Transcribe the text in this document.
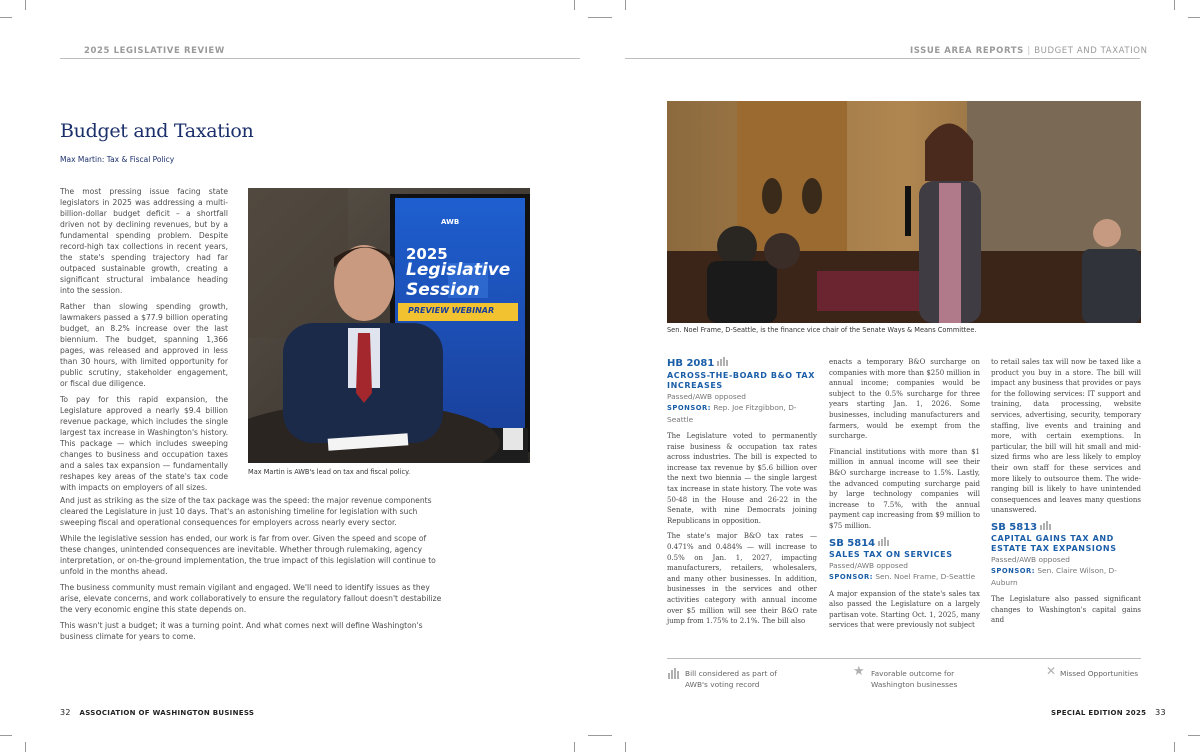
2025 LEGISLATIVE REVIEW	ISSUE AREA REPORTS | BUDGET AND TAXATION
Budget and Taxation
Max Martin: Tax & Fiscal Policy

The most pressing issue facing state legislators in 2025 was addressing a multi-billion-dollar budget deficit – a shortfall driven not by declining revenues, but by a fundamental spending problem. Despite record-high tax collections in recent years, the state's spending trajectory had far outpaced sustainable growth, creating a significant structural imbalance heading into the session.

Rather than slowing spending growth, lawmakers passed a $77.9 billion operating budget, an 8.2% increase over the last biennium. The budget, spanning 1,366 pages, was released and approved in less than 30 hours, with limited opportunity for public scrutiny, stakeholder engagement, or fiscal due diligence.

To pay for this rapid expansion, the Legislature approved a nearly $9.4 billion revenue package, which includes the single largest tax increase in Washington's history. This package — which includes sweeping changes to business and occupation taxes and a sales tax expansion — fundamentally reshapes key areas of the state's tax code with impacts on employers of all sizes.

AWB
2025
Legislative
Session
PREVIEW WEBINAR
Max Martin is AWB's lead on tax and fiscal policy.

And just as striking as the size of the tax package was the speed: the major revenue components cleared the Legislature in just 10 days. That's an astonishing timeline for legislation with such sweeping fiscal and operational consequences for employers across nearly every sector.

While the legislative session has ended, our work is far from over. Given the speed and scope of these changes, unintended consequences are inevitable. Whether through rulemaking, agency interpretation, or on-the-ground implementation, the true impact of this legislation will continue to unfold in the months ahead.

The business community must remain vigilant and engaged. We'll need to identify issues as they arise, elevate concerns, and work collaboratively to ensure the regulatory fallout doesn't destabilize the very economic engine this state depends on.

This wasn't just a budget; it was a turning point. And what comes next will define Washington's business climate for years to come.

Sen. Noel Frame, D-Seattle, is the finance vice chair of the Senate Ways & Means Committee.
HB 2081
ACROSS-THE-BOARD B&O TAX INCREASES
Passed/AWB opposed
SPONSOR: Rep. Joe Fitzgibbon, D-Seattle

The Legislature voted to permanently raise business & occupation tax rates across industries. The bill is expected to increase tax revenue by $5.6 billion over the next two biennia — the single largest tax increase in state history. The vote was 50-48 in the House and 26-22 in the Senate, with nine Democrats joining Republicans in opposition.

The state's major B&O tax rates — 0.471% and 0.484% — will increase to 0.5% on Jan. 1, 2027, impacting manufacturers, retailers, wholesalers, and many other businesses. In addition, businesses in the services and other activities category with annual income over $5 million will see their B&O rate jump from 1.75% to 2.1%. The bill also

enacts a temporary B&O surcharge on companies with more than $250 million in annual income; companies would be subject to the 0.5% surcharge for three years starting Jan. 1, 2026. Some businesses, including manufacturers and farmers, would be exempt from the surcharge.

Financial institutions with more than $1 million in annual income will see their B&O surcharge increase to 1.5%. Lastly, the advanced computing surcharge paid by large technology companies will increase to 7.5%, with the annual payment cap increasing from $9 million to $75 million.

SB 5814
SALES TAX ON SERVICES
Passed/AWB opposed
SPONSOR: Sen. Noel Frame, D-Seattle

A major expansion of the state's sales tax also passed the Legislature on a largely partisan vote. Starting Oct. 1, 2025, many services that were previously not subject

to retail sales tax will now be taxed like a product you buy in a store. The bill will impact any business that provides or pays for the following services: IT support and training, data processing, website services, advertising, security, temporary staffing, live events and training and more, with certain exemptions. In particular, the bill will hit small and mid-sized firms who are less likely to employ their own staff for these services and more likely to outsource them. The wide-ranging bill is likely to have unintended consequences and leaves many questions unanswered.

SB 5813
CAPITAL GAINS TAX AND ESTATE TAX EXPANSIONS
Passed/AWB opposed
SPONSOR: Sen. Claire Wilson, D-Auburn

The Legislature also passed significant changes to Washington's capital gains and

Bill considered as part of
AWB's voting record
★ Favorable outcome for
Washington businesses
✕ Missed Opportunities
32 ASSOCIATION OF WASHINGTON BUSINESS	SPECIAL EDITION 2025 33
